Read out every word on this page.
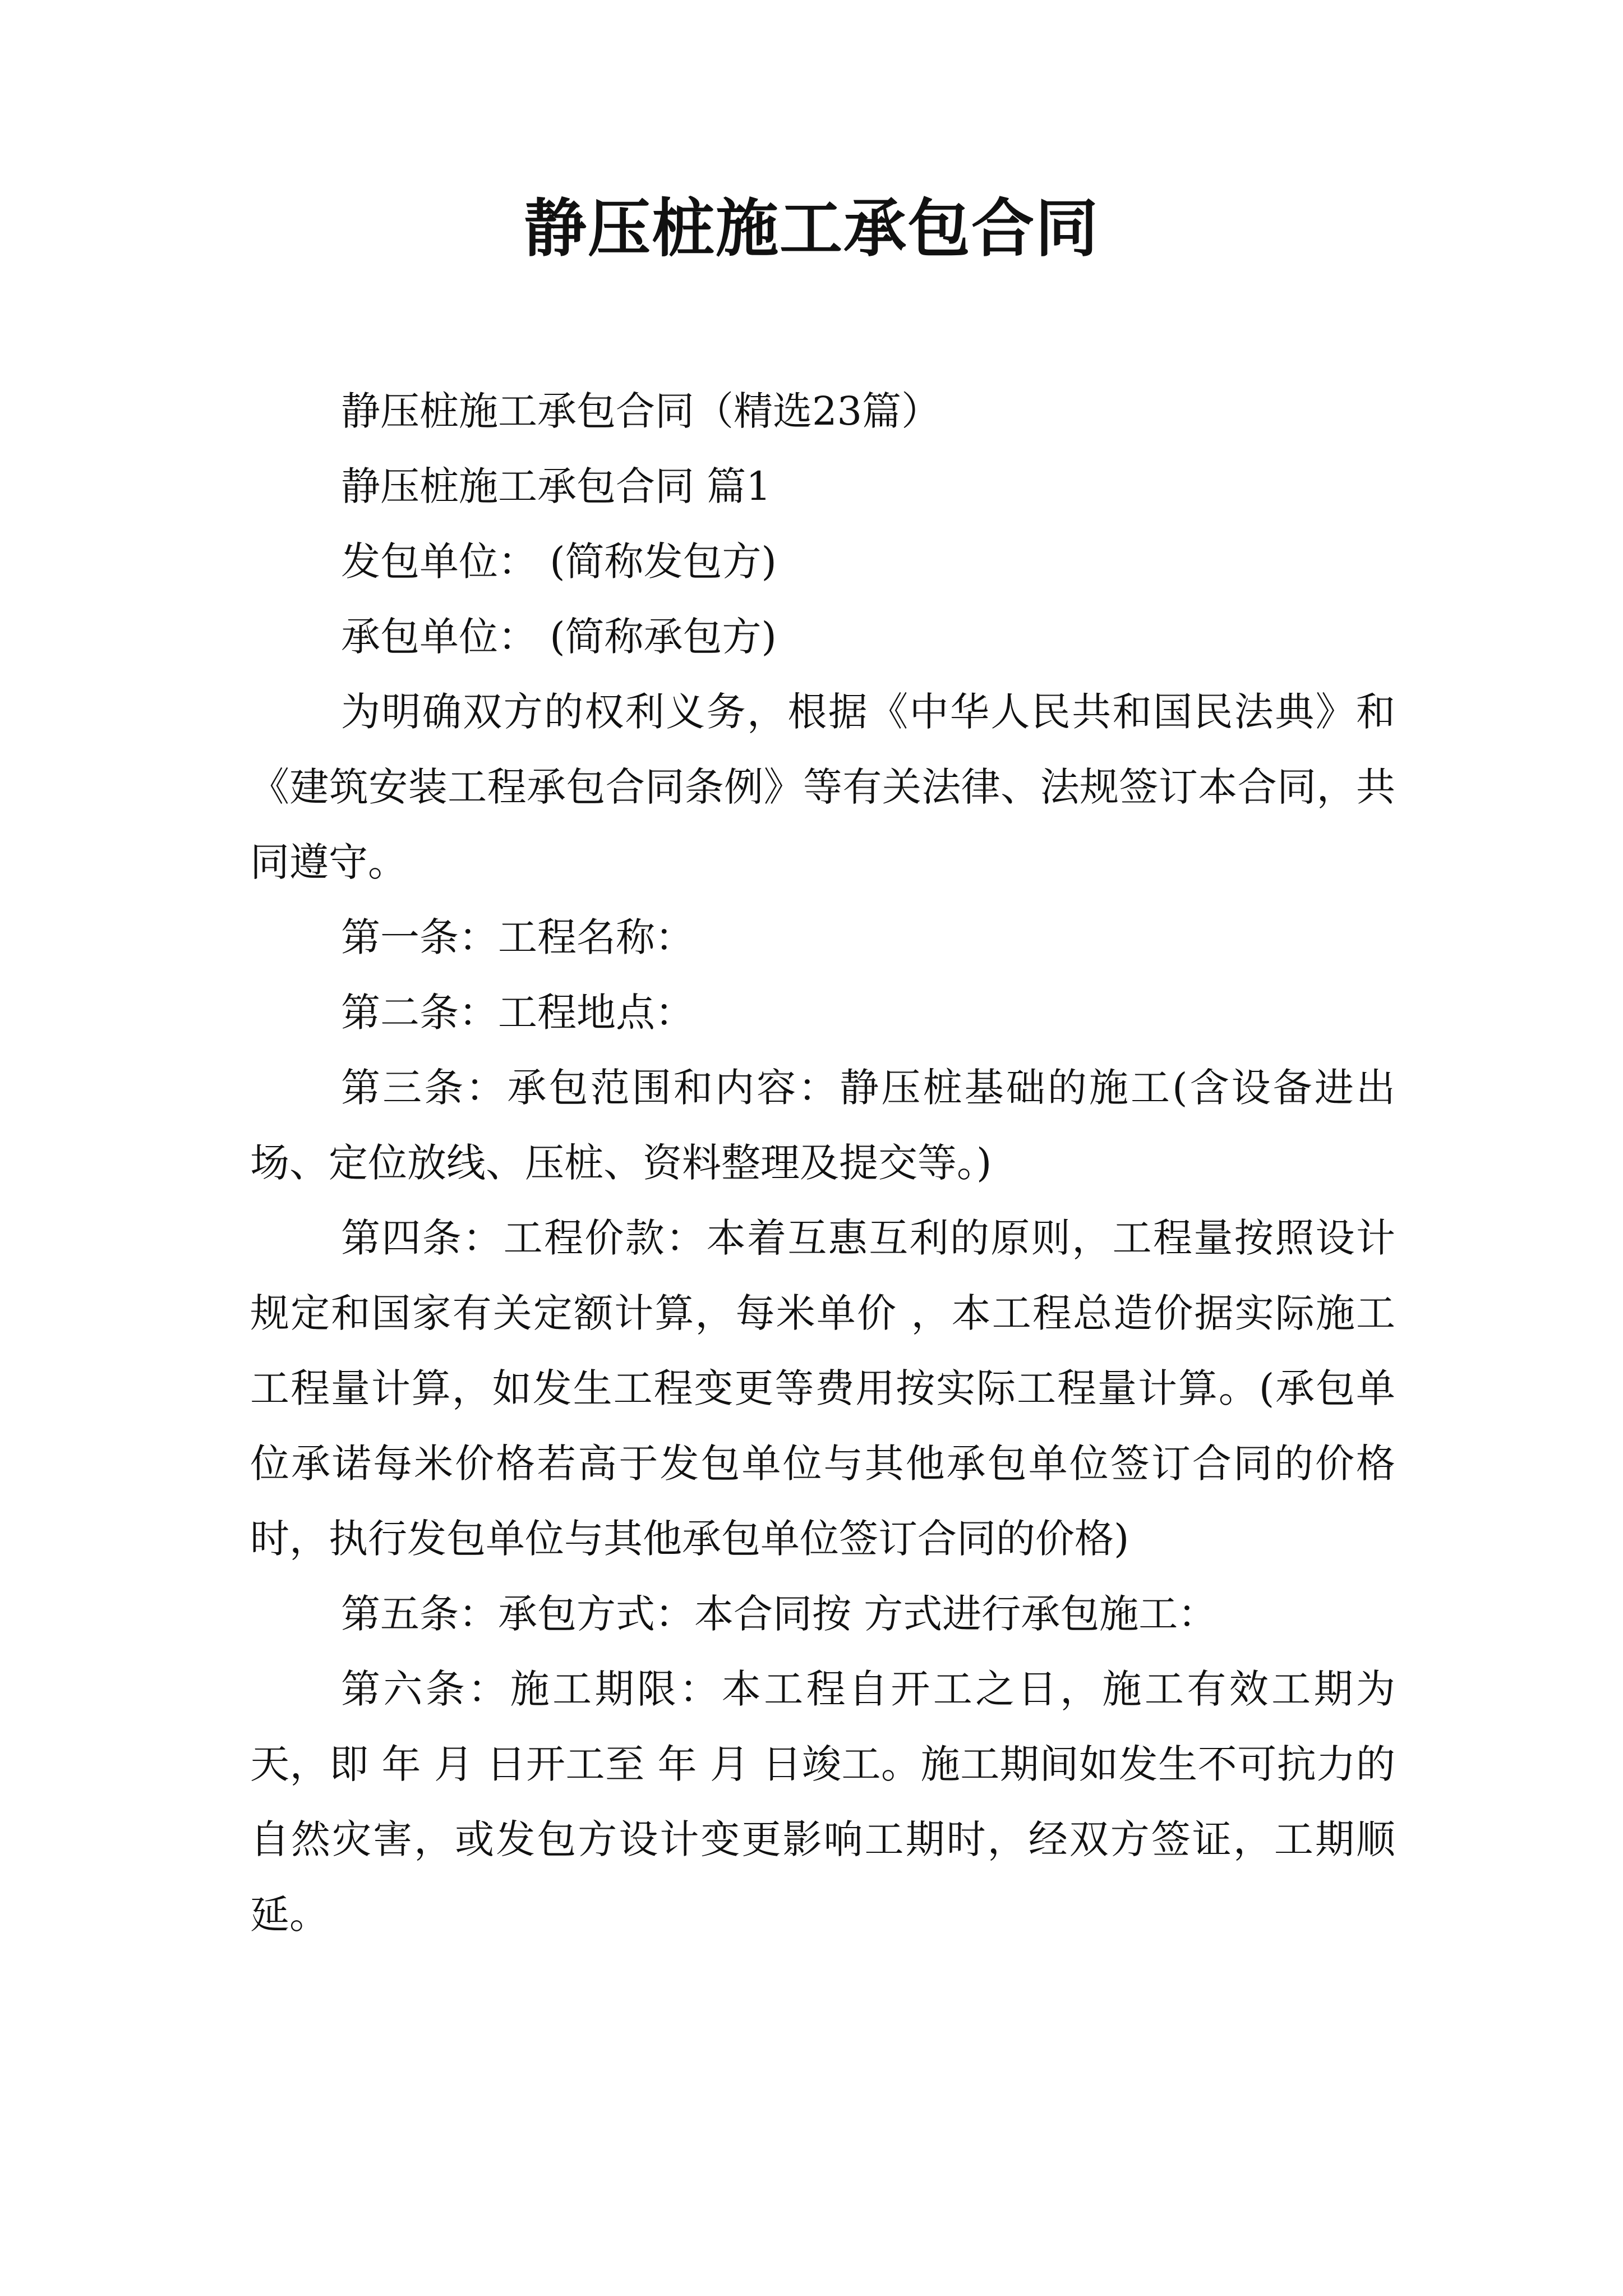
静压桩施工承包合同

静压桩施工承包合同（精选23篇）

静压桩施工承包合同 篇1

发包单位： (简称发包方)

承包单位： (简称承包方)

为明确双方的权利义务，根据《中华人民共和国民法典》和《建筑安装工程承包合同条例》等有关法律、法规签订本合同，共同遵守。

第一条：工程名称：

第二条：工程地点：

第三条：承包范围和内容：静压桩基础的施工(含设备进出场、定位放线、压桩、资料整理及提交等。)

第四条：工程价款：本着互惠互利的原则，工程量按照设计规定和国家有关定额计算，每米单价 ，本工程总造价据实际施工工程量计算，如发生工程变更等费用按实际工程量计算。(承包单位承诺每米价格若高于发包单位与其他承包单位签订合同的价格时，执行发包单位与其他承包单位签订合同的价格)

第五条：承包方式：本合同按 方式进行承包施工：

第六条：施工期限：本工程自开工之日，施工有效工期为 天，即 年 月 日开工至 年 月 日竣工。施工期间如发生不可抗力的自然灾害，或发包方设计变更影响工期时，经双方签证，工期顺延。
